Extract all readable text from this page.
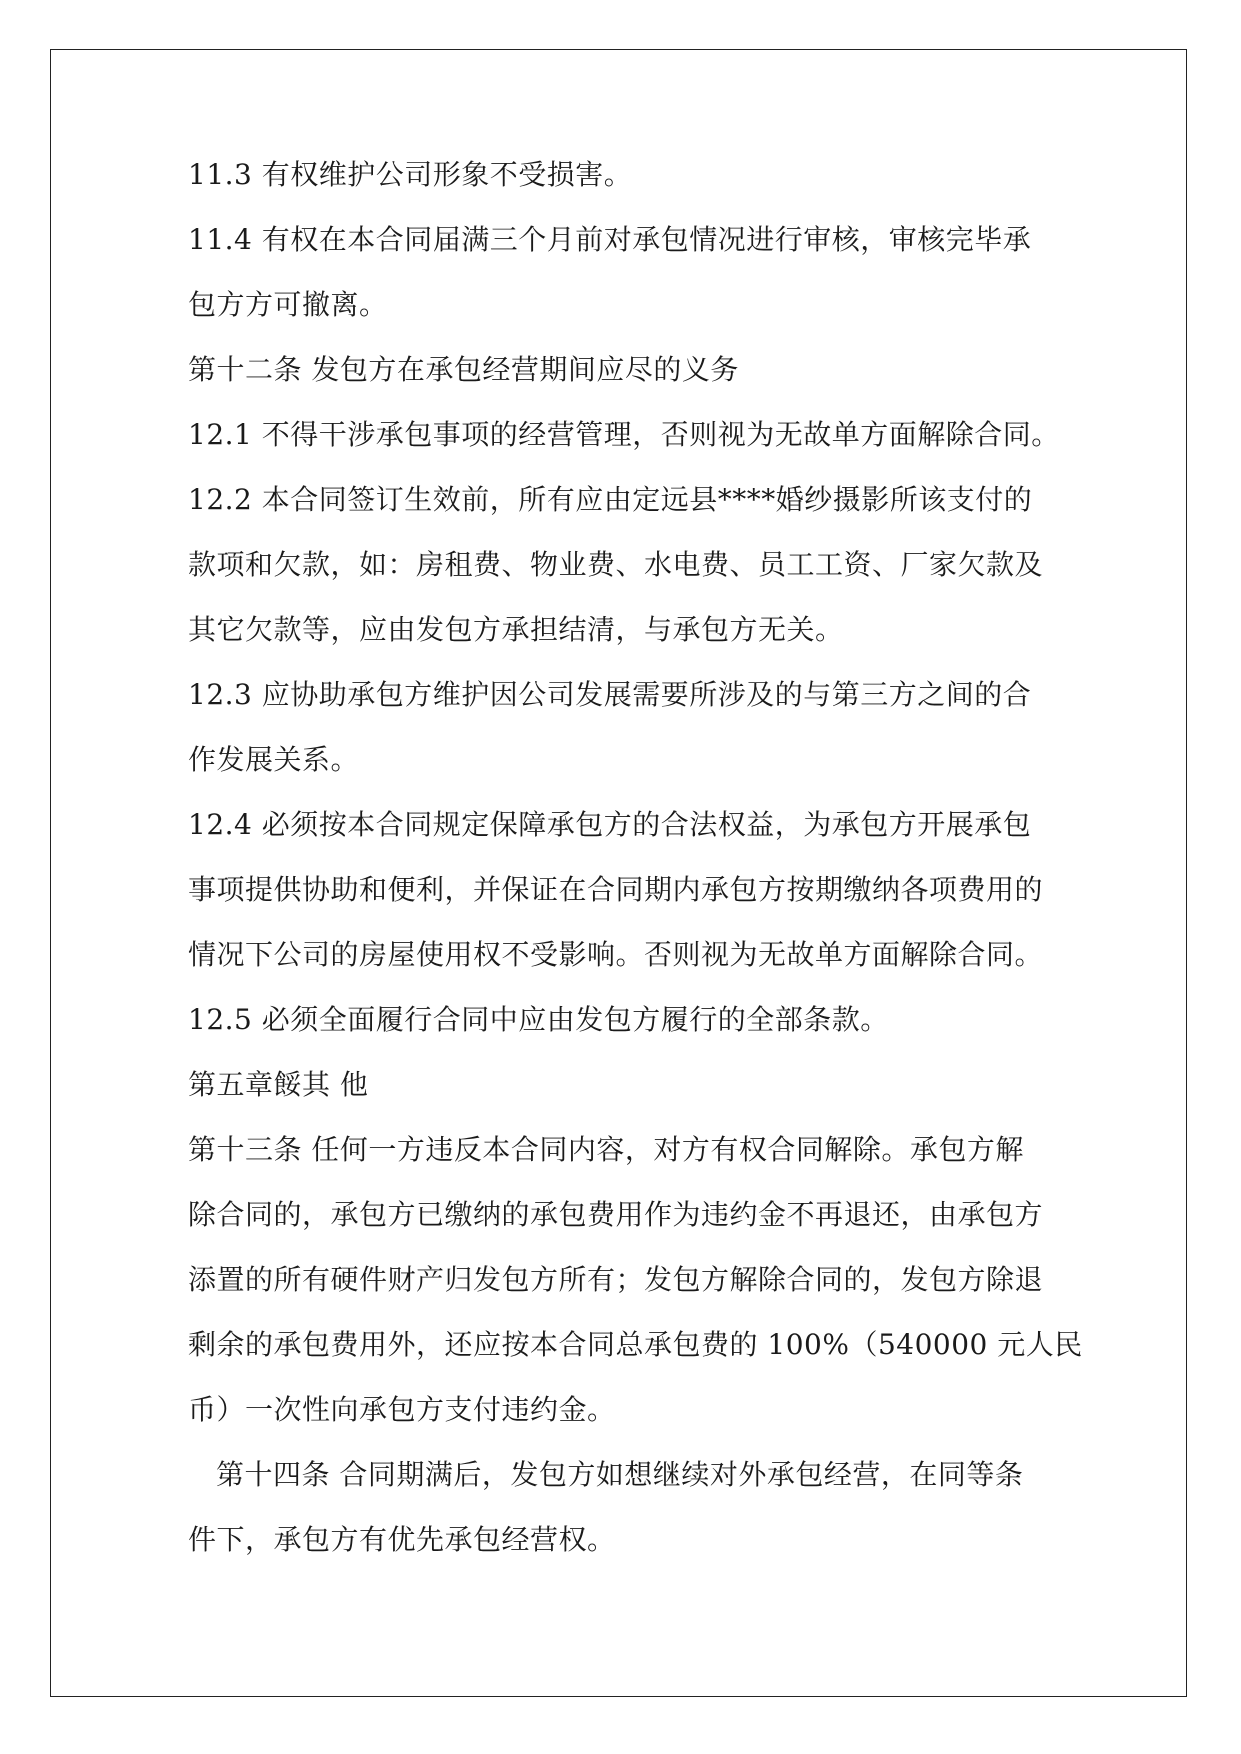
11.3 有权维护公司形象不受损害。
11.4 有权在本合同届满三个月前对承包情况进行审核，审核完毕承
包方方可撤离。
第十二条 发包方在承包经营期间应尽的义务
12.1 不得干涉承包事项的经营管理，否则视为无故单方面解除合同。
12.2 本合同签订生效前，所有应由定远县****婚纱摄影所该支付的
款项和欠款，如：房租费、物业费、水电费、员工工资、厂家欠款及
其它欠款等，应由发包方承担结清，与承包方无关。
12.3 应协助承包方维护因公司发展需要所涉及的与第三方之间的合
作发展关系。
12.4 必须按本合同规定保障承包方的合法权益，为承包方开展承包
事项提供协助和便利，并保证在合同期内承包方按期缴纳各项费用的
情况下公司的房屋使用权不受影响。否则视为无故单方面解除合同。
12.5 必须全面履行合同中应由发包方履行的全部条款。
第五章餒其 他
第十三条 任何一方违反本合同内容，对方有权合同解除。承包方解
除合同的，承包方已缴纳的承包费用作为违约金不再退还，由承包方
添置的所有硬件财产归发包方所有；发包方解除合同的，发包方除退
剩余的承包费用外，还应按本合同总承包费的 100%（540000 元人民
币）一次性向承包方支付违约金。
第十四条 合同期满后，发包方如想继续对外承包经营，在同等条
件下，承包方有优先承包经营权。
